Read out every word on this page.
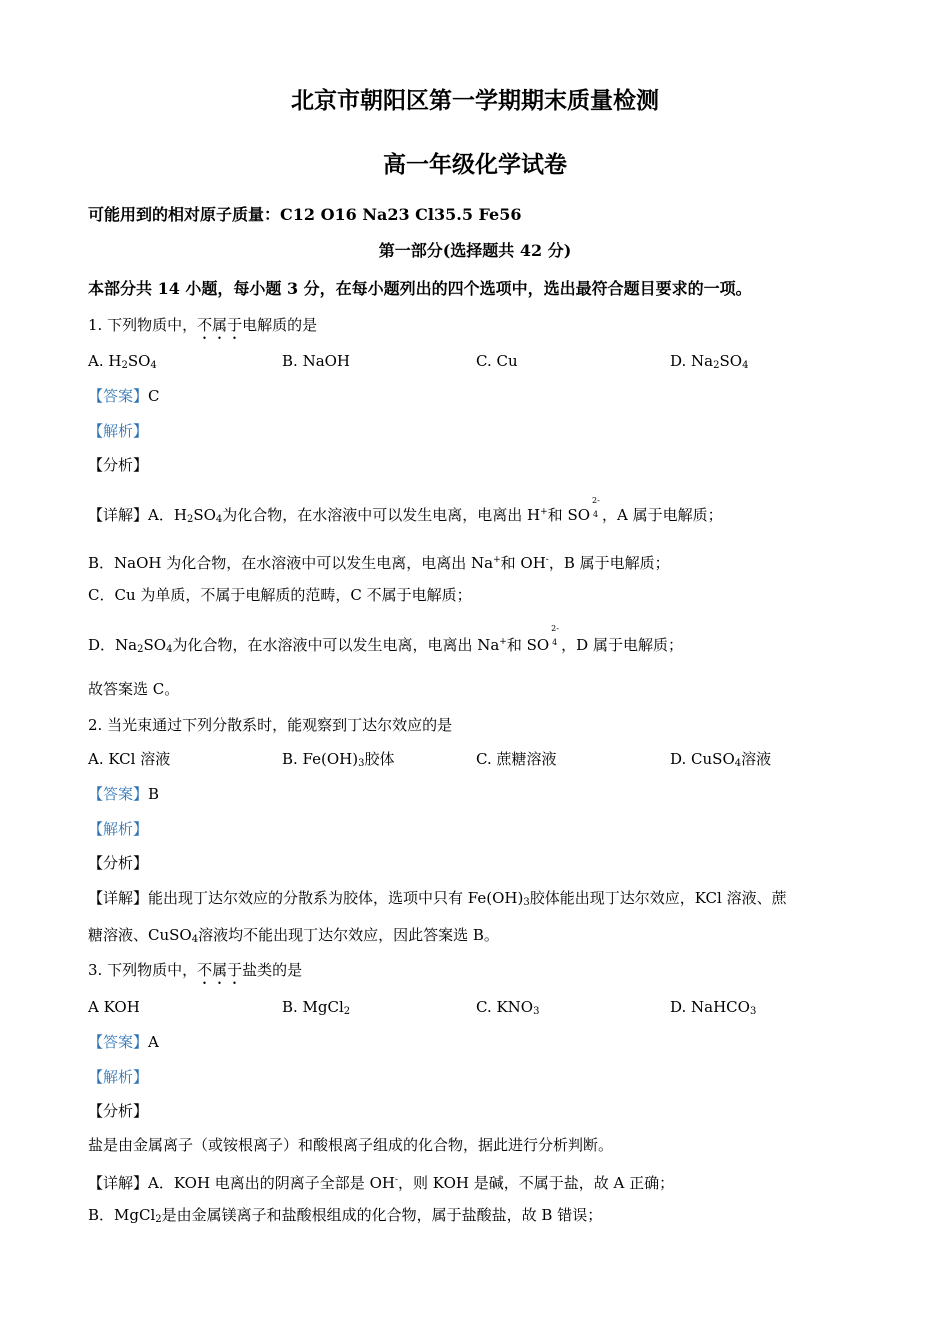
北京市朝阳区第一学期期末质量检测
高一年级化学试卷
可能用到的相对原子质量：C12 O16 Na23 Cl35.5 Fe56
第一部分(选择题共 42 分)
本部分共 14 小题，每小题 3 分，在每小题列出的四个选项中，选出最符合题目要求的一项。
1. 下列物质中，不属于电解质的是
A. $H_2SO_4$	B. NaOH	C. Cu	D. $Na_2SO_4$
【答案】C
【解析】
【分析】
【详解】A．$H_2SO_4$为化合物，在水溶液中可以发生电离，电离出 H+和 SO
2-
4 ，A 属于电解质；
B．NaOH 为化合物，在水溶液中可以发生电离，电离出 Na+和 OH-，B 属于电解质；
C．Cu 为单质，不属于电解质的范畴，C 不属于电解质；
D．$Na_2SO_4$为化合物，在水溶液中可以发生电离，电离出 Na+和 SO
2-
4 ，D 属于电解质；
故答案选 C。
2. 当光束通过下列分散系时，能观察到丁达尔效应的是
A. KCl 溶液	B. $Fe(OH)_3$胶体	C. 蔗糖溶液	D. CuSO$_4$溶液
【答案】B
【解析】
【分析】
【详解】能出现丁达尔效应的分散系为胶体，选项中只有 $Fe(OH)_3$胶体能出现丁达尔效应，KCl 溶液、蔗
糖溶液、CuSO$_4$溶液均不能出现丁达尔效应，因此答案选 B。
3. 下列物质中，不属于盐类的是
A KOH	B. MgCl$_2$	C. $KNO_3$	D. NaHCO$_3$
【答案】A
【解析】
【分析】
盐是由金属离子（或铵根离子）和酸根离子组成的化合物，据此进行分析判断。
【详解】A．KOH 电离出的阴离子全部是 OH-，则 KOH 是碱，不属于盐，故 A 正确；
B．MgCl$_2$是由金属镁离子和盐酸根组成的化合物，属于盐酸盐，故 B 错误；
